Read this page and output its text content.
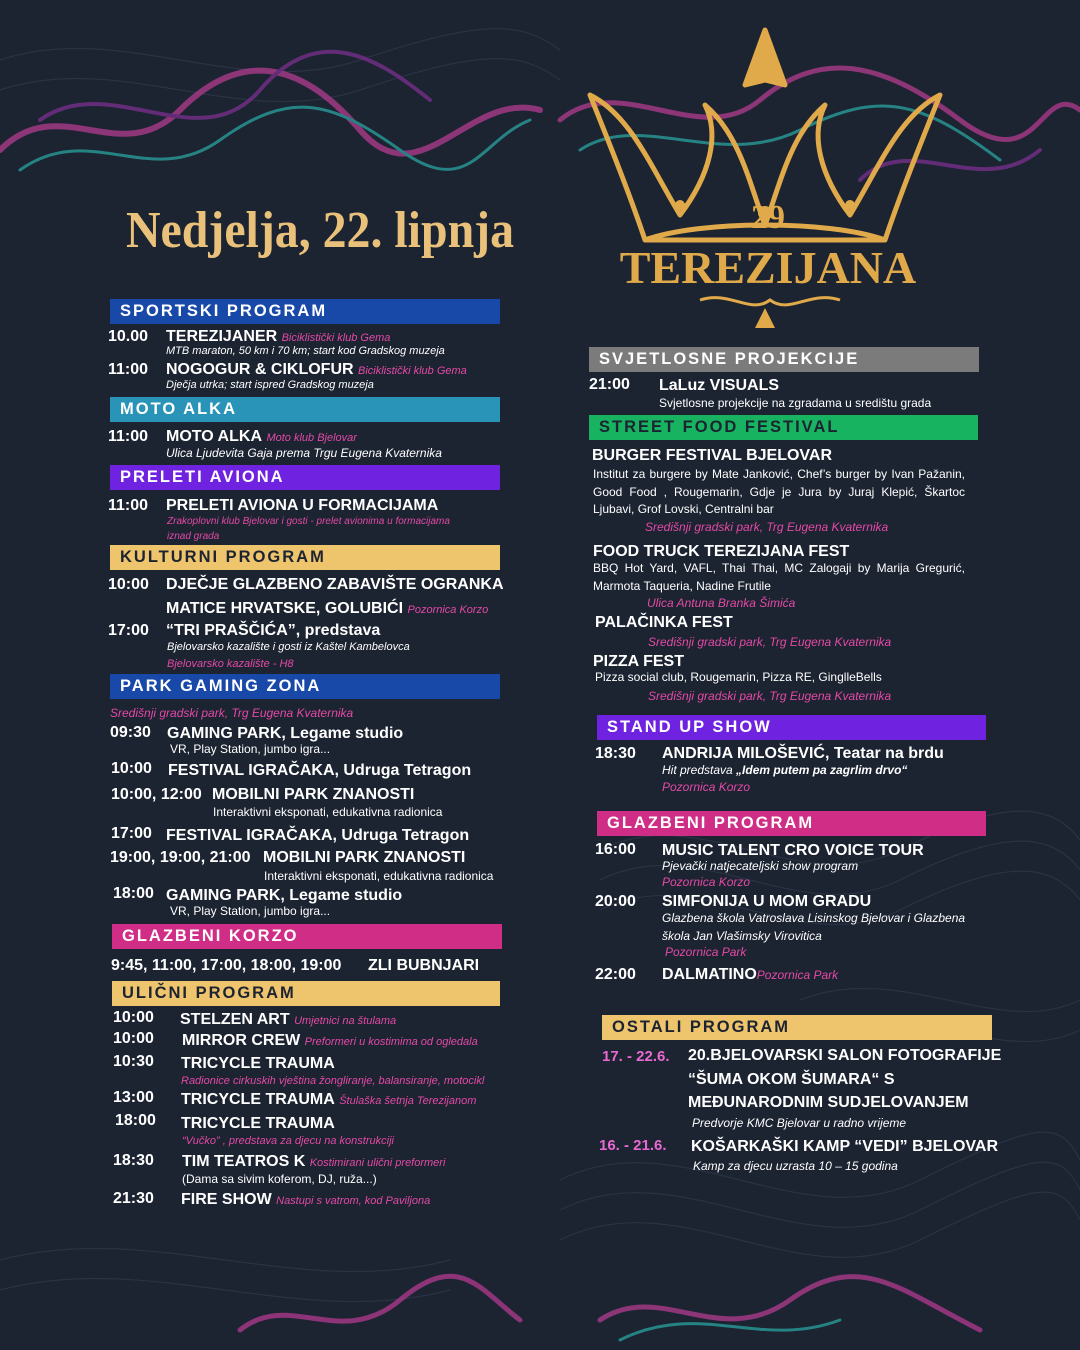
29
TEREZIJANA
Nedjelja, 22. lipnja
SPORTSKI PROGRAM
10.00 TEREZIJANER Biciklistički klub Gema
MTB maraton, 50 km i 70 km; start kod Gradskog muzeja
11:00 NOGOGUR & CIKLOFUR Biciklistički klub Gema
Dječja utrka; start ispred Gradskog muzeja
MOTO ALKA
11:00 MOTO ALKA Moto klub Bjelovar
Ulica Ljudevita Gaja prema Trgu Eugena Kvaternika
PRELETI AVIONA
11:00 PRELETI AVIONA U FORMACIJAMA
Zrakoplovni klub Bjelovar i gosti - prelet avionima u formacijama
iznad grada
KULTURNI PROGRAM
10:00 DJEČJE GLAZBENO ZABAVIŠTE OGRANKA
MATICE HRVATSKE, GOLUBIĆI Pozornica Korzo
17:00 “TRI PRAŠČIĆA”, predstava
Bjelovarsko kazalište i gosti iz Kaštel Kambelovca
Bjelovarsko kazalište - H8
PARK GAMING ZONA
Središnji gradski park, Trg Eugena Kvaternika
09:30 GAMING PARK, Legame studio
VR, Play Station, jumbo igra...
10:00 FESTIVAL IGRAČAKA, Udruga Tetragon
10:00, 12:00 MOBILNI PARK ZNANOSTI
Interaktivni eksponati, edukativna radionica
17:00 FESTIVAL IGRAČAKA, Udruga Tetragon
19:00, 19:00, 21:00 MOBILNI PARK ZNANOSTI
Interaktivni eksponati, edukativna radionica
18:00 GAMING PARK, Legame studio
VR, Play Station, jumbo igra...
GLAZBENI KORZO
9:45, 11:00, 17:00, 18:00, 19:00 ZLI BUBNJARI
ULIČNI PROGRAM
10:00 STELZEN ART Umjetnici na štulama
10:00 MIRROR CREW Preformeri u kostimima od ogledala
10:30 TRICYCLE TRAUMA
Radionice cirkuskih vještina žongliranje, balansiranje, motocikl
13:00 TRICYCLE TRAUMA Štulaška šetnja Terezijanom
18:00 TRICYCLE TRAUMA
“Vučko” , predstava za djecu na konstrukciji
18:30 TIM TEATROS K Kostimirani ulični preformeri
(Dama sa sivim koferom, DJ, ruža...)
21:30 FIRE SHOW Nastupi s vatrom, kod Paviljona
SVJETLOSNE PROJEKCIJE
21:00 LaLuz VISUALS
Svjetlosne projekcije na zgradama u središtu grada
STREET FOOD FESTIVAL
BURGER FESTIVAL BJELOVAR
Institut za burgere by Mate Janković, Chef’s burger by Ivan Pažanin, Good Food , Rougemarin, Gdje je Jura by Juraj Klepić, Škartoc Ljubavi, Grof Lovski, Centralni bar
Središnji gradski park, Trg Eugena Kvaternika
FOOD TRUCK TEREZIJANA FEST
BBQ Hot Yard, VAFL, Thai Thai, MC Zalogaji by Marija Gregurić, Marmota Taqueria, Nadine Frutile
Ulica Antuna Branka Šimića
PALAČINKA FEST
Središnji gradski park, Trg Eugena Kvaternika
PIZZA FEST
Pizza social club, Rougemarin, Pizza RE, GinglleBells
Središnji gradski park, Trg Eugena Kvaternika
STAND UP SHOW
18:30 ANDRIJA MILOŠEVIĆ, Teatar na brdu
Hit predstava „Idem putem pa zagrlim drvo“
Pozornica Korzo
GLAZBENI PROGRAM
16:00 MUSIC TALENT CRO VOICE TOUR
Pjevački natjecateljski show program
Pozornica Korzo
20:00 SIMFONIJA U MOM GRADU
Glazbena škola Vatroslava Lisinskog Bjelovar i Glazbena
škola Jan Vlašimsky Virovitica
Pozornica Park
22:00 DALMATINOPozornica Park
OSTALI PROGRAM
17. - 22.6. 20.BJELOVARSKI SALON FOTOGRAFIJE
“ŠUMA OKOM ŠUMARA“ S
MEĐUNARODNIM SUDJELOVANJEM
Predvorje KMC Bjelovar u radno vrijeme
16. - 21.6. KOŠARKAŠKI KAMP “VEDI” BJELOVAR
Kamp za djecu uzrasta 10 – 15 godina
